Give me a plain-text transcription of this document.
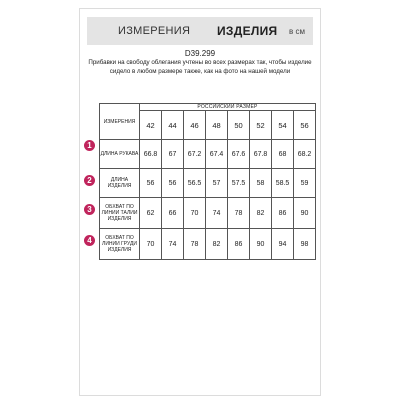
ИЗМЕРЕНИЯ ИЗДЕЛИЯ в см
D39.299
Прибавки на свободу облегания учтены во всех размерах так, чтобы изделие сидело в любом размере также, как на фото на нашей модели
1
2
3
4
ИЗМЕРЕНИЯ	РОССИЙСКИЙ РАЗМЕР							
	42	44	46	48	50	52	54	56
ДЛИНА РУКАВА	66.8	67	67.2	67.4	67.6	67.8	68	68.2
ДЛИНА ИЗДЕЛИЯ	56	56	56.5	57	57.5	58	58.5	59
ОБХВАТ ПО ЛИНИИ ТАЛИИ ИЗДЕЛИЯ	62	66	70	74	78	82	86	90
ОБХВАТ ПО ЛИНИИ ГРУДИ ИЗДЕЛИЯ	70	74	78	82	86	90	94	98
